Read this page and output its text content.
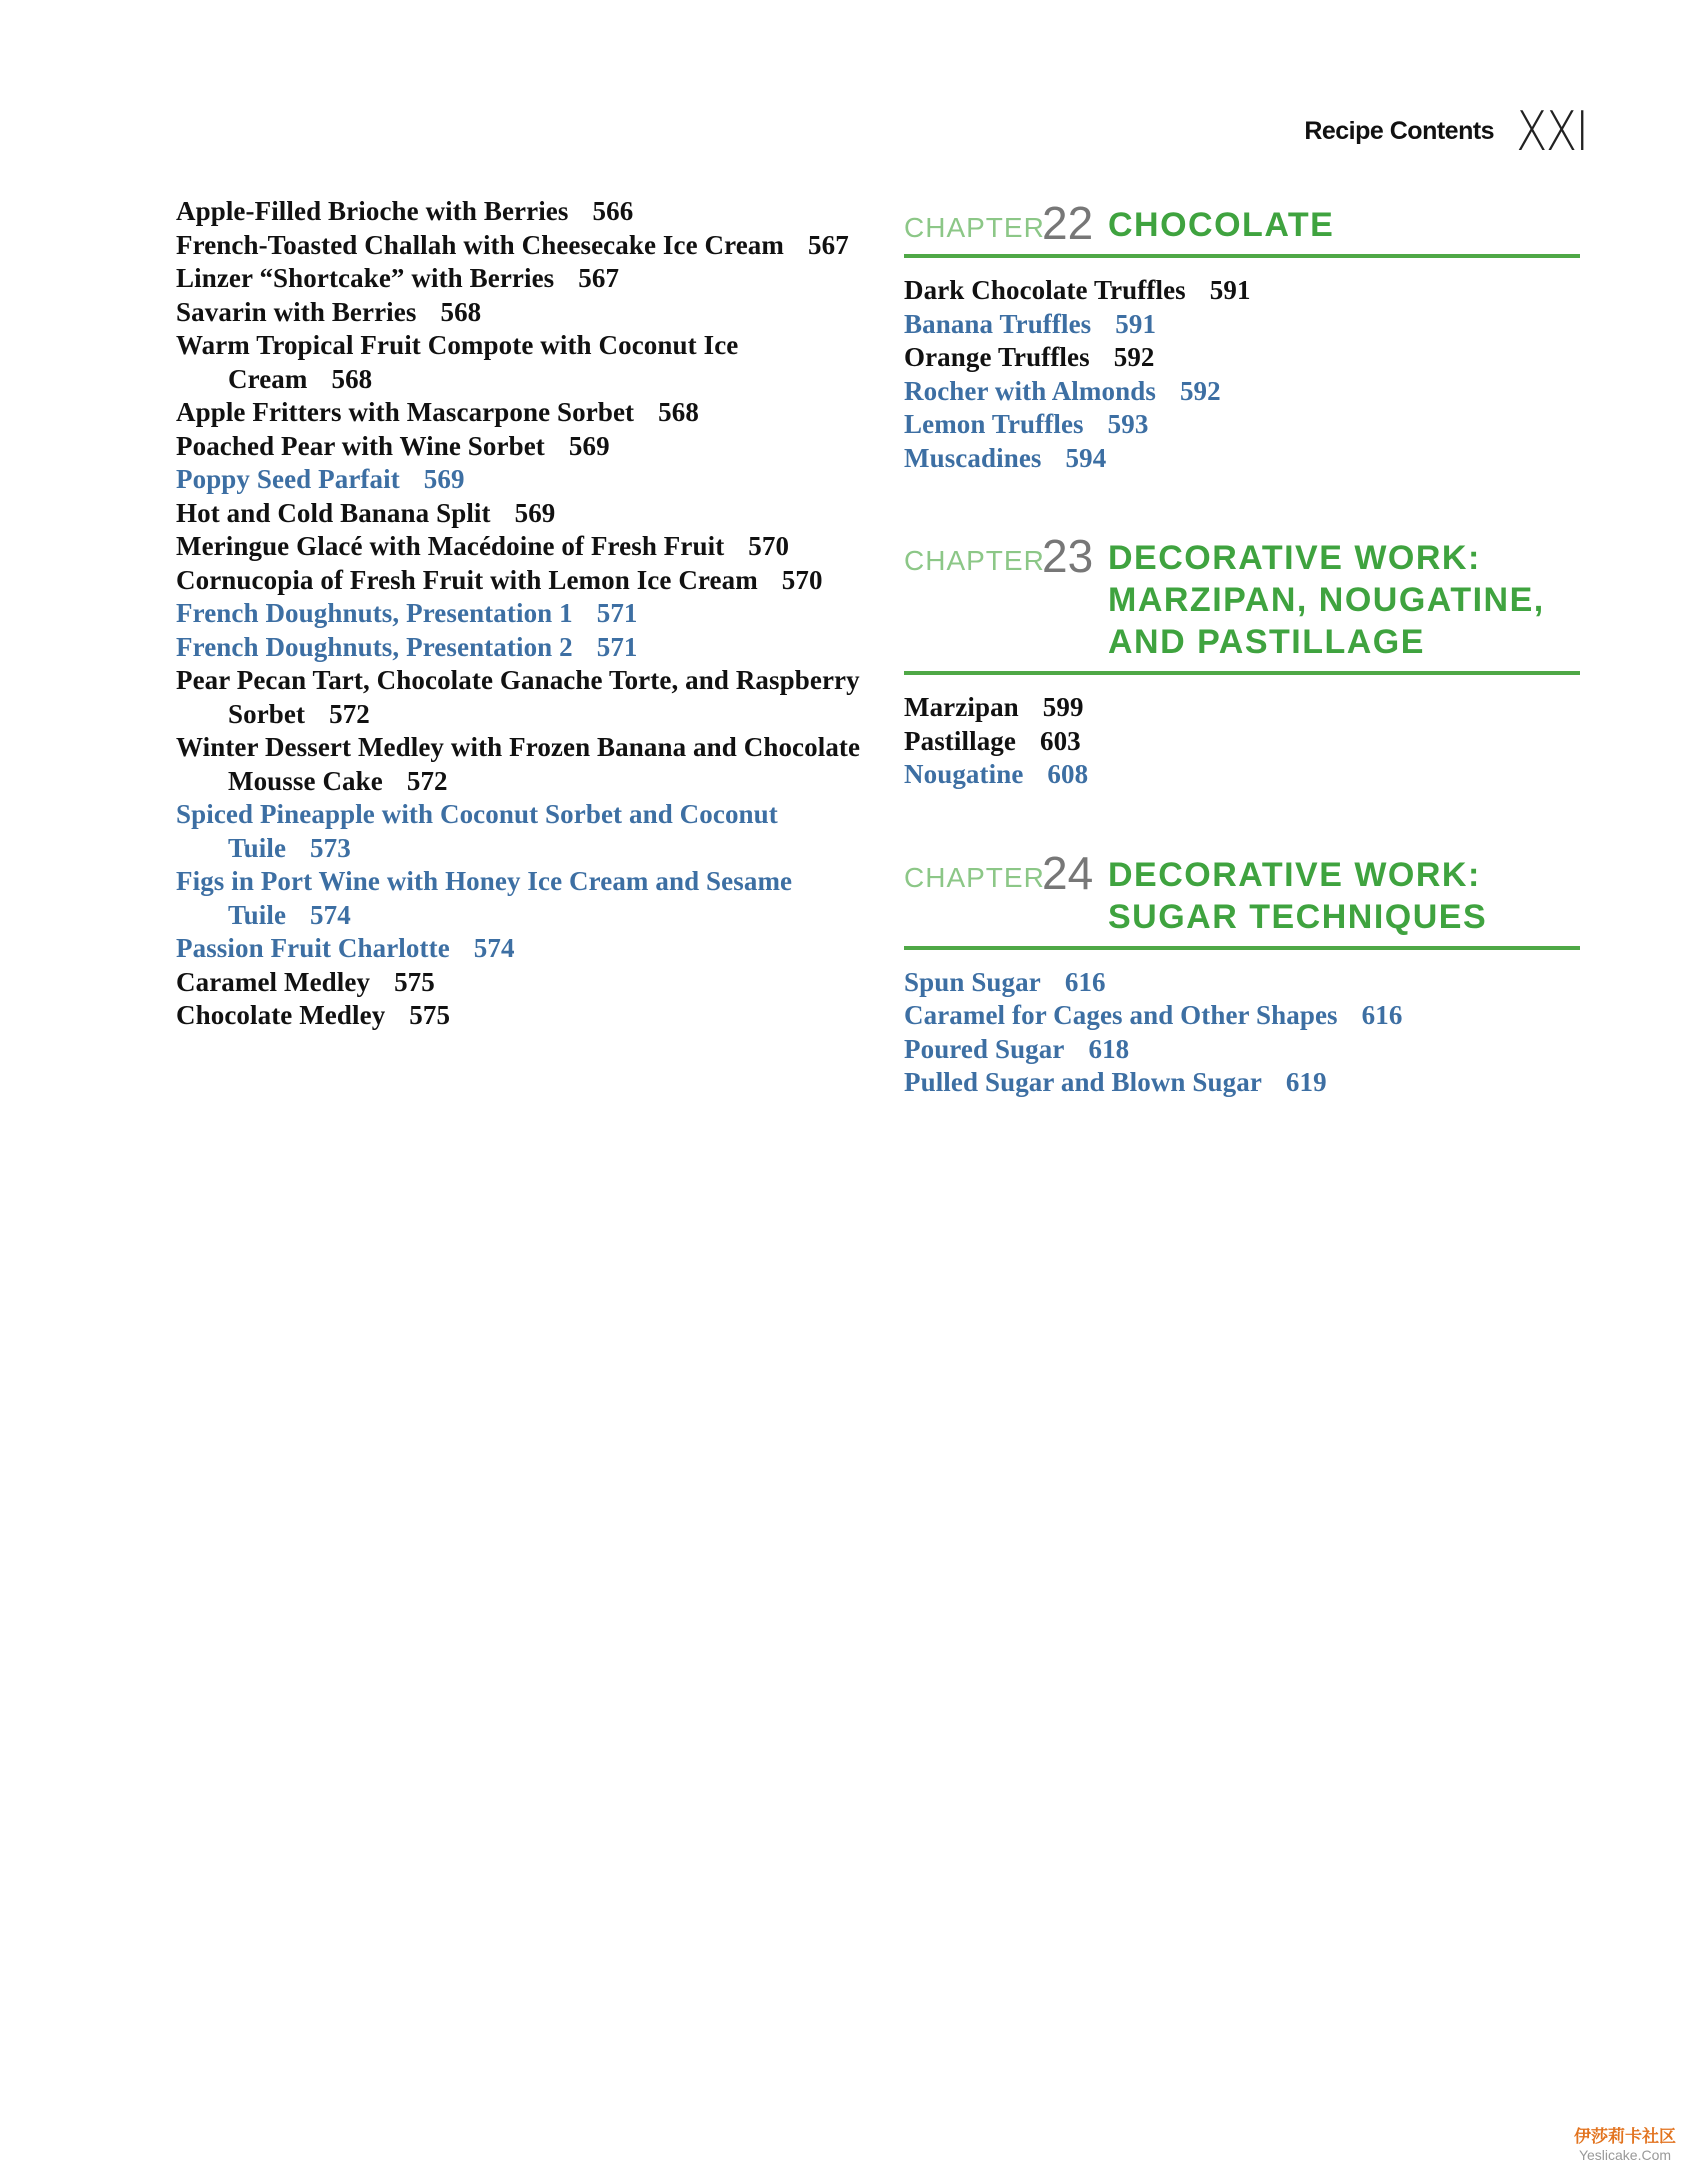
Recipe Contents XXI
Apple-Filled Brioche with Berries 566
French-Toasted Challah with Cheesecake Ice Cream 567
Linzer “Shortcake” with Berries 567
Savarin with Berries 568
Warm Tropical Fruit Compote with Coconut Ice Cream 568
Apple Fritters with Mascarpone Sorbet 568
Poached Pear with Wine Sorbet 569
Poppy Seed Parfait 569
Hot and Cold Banana Split 569
Meringue Glacé with Macédoine of Fresh Fruit 570
Cornucopia of Fresh Fruit with Lemon Ice Cream 570
French Doughnuts, Presentation 1 571
French Doughnuts, Presentation 2 571
Pear Pecan Tart, Chocolate Ganache Torte, and Raspberry Sorbet 572
Winter Dessert Medley with Frozen Banana and Chocolate Mousse Cake 572
Spiced Pineapple with Coconut Sorbet and Coconut Tuile 573
Figs in Port Wine with Honey Ice Cream and Sesame Tuile 574
Passion Fruit Charlotte 574
Caramel Medley 575
Chocolate Medley 575
CHAPTER
22 CHOCOLATE
Dark Chocolate Truffles 591
Banana Truffles 591
Orange Truffles 592
Rocher with Almonds 592
Lemon Truffles 593
Muscadines 594
CHAPTER
23 DECORATIVE WORK: MARZIPAN, NOUGATINE, AND PASTILLAGE
Marzipan 599
Pastillage 603
Nougatine 608
CHAPTER
24 DECORATIVE WORK: SUGAR TECHNIQUES
Spun Sugar 616
Caramel for Cages and Other Shapes 616
Poured Sugar 618
Pulled Sugar and Blown Sugar 619
伊莎莉卡社区
Yeslicake.Com
